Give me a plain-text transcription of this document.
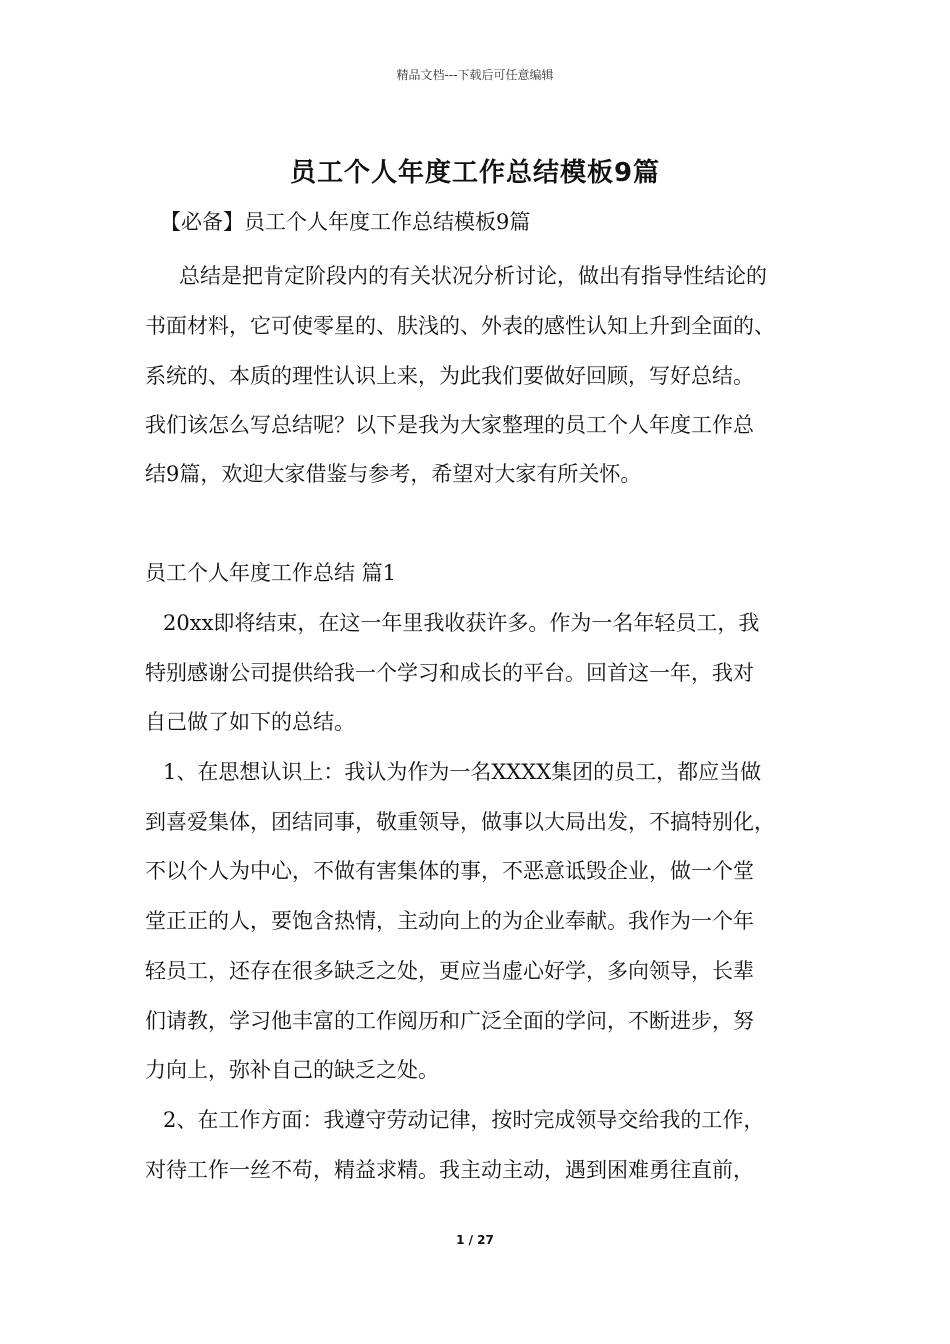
精品文档---下载后可任意编辑
员工个人年度工作总结模板9篇
【必备】员工个人年度工作总结模板9篇
　总结是把肯定阶段内的有关状况分析讨论，做出有指导性结论的
书面材料，它可使零星的、肤浅的、外表的感性认知上升到全面的、
系统的、本质的理性认识上来，为此我们要做好回顾，写好总结。
我们该怎么写总结呢？以下是我为大家整理的员工个人年度工作总
结9篇，欢迎大家借鉴与参考，希望对大家有所关怀。
员工个人年度工作总结 篇1
20xx即将结束，在这一年里我收获许多。作为一名年轻员工，我
特别感谢公司提供给我一个学习和成长的平台。回首这一年，我对
自己做了如下的总结。
1、在思想认识上：我认为作为一名XXXX集团的员工，都应当做
到喜爱集体，团结同事，敬重领导，做事以大局出发，不搞特别化，
不以个人为中心，不做有害集体的事，不恶意诋毁企业，做一个堂
堂正正的人，要饱含热情，主动向上的为企业奉献。我作为一个年
轻员工，还存在很多缺乏之处，更应当虚心好学，多向领导，长辈
们请教，学习他丰富的工作阅历和广泛全面的学问，不断进步，努
力向上，弥补自己的缺乏之处。
2、在工作方面：我遵守劳动记律，按时完成领导交给我的工作，
对待工作一丝不苟，精益求精。我主动主动，遇到困难勇往直前，
1 / 27
